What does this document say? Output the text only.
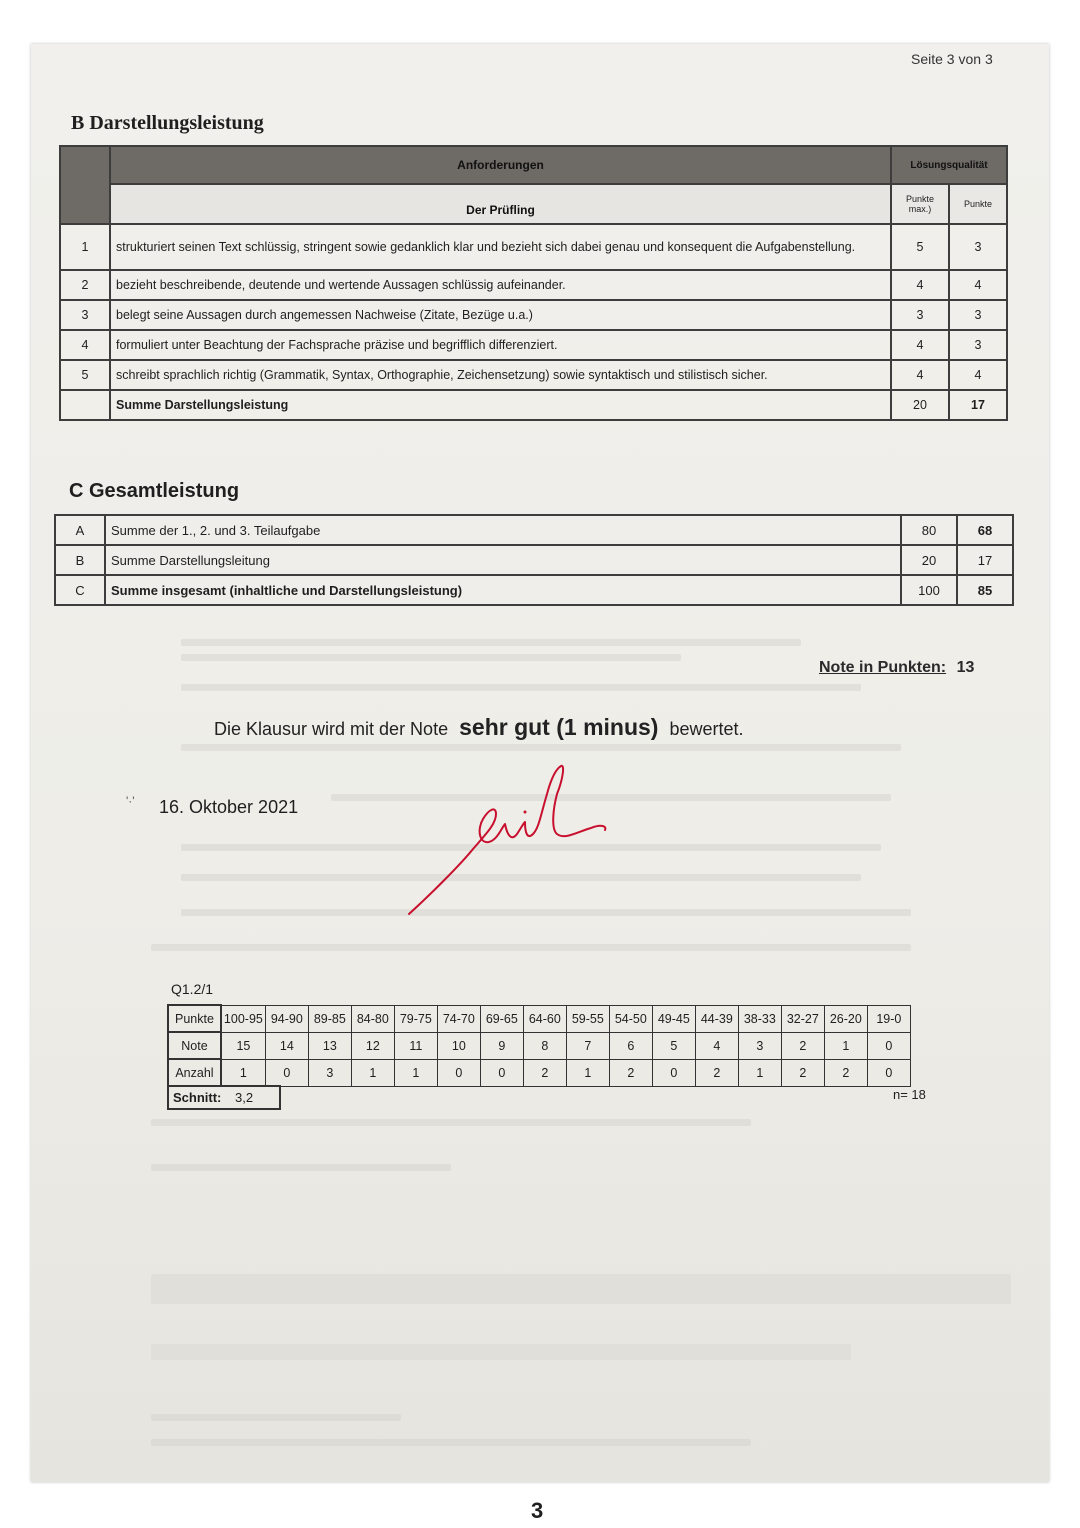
Seite 3 von 3
B Darstellungsleistung
	Anforderungen	Lösungsqualität	
	Der Prüfling	Punkte max.)	Punkte
1	strukturiert seinen Text schlüssig, stringent sowie gedanklich klar und bezieht sich dabei genau und konsequent die Aufgabenstellung.	5	3
2	bezieht beschreibende, deutende und wertende Aussagen schlüssig aufeinander.	4	4
3	belegt seine Aussagen durch angemessen Nachweise (Zitate, Bezüge u.a.)	3	3
4	formuliert unter Beachtung der Fachsprache präzise und begrifflich differenziert.	4	3
5	schreibt sprachlich richtig (Grammatik, Syntax, Orthographie, Zeichensetzung) sowie syntaktisch und stilistisch sicher.	4	4
	Summe Darstellungsleistung	20	17
C Gesamtleistung
A	Summe der 1., 2. und 3. Teilaufgabe	80	68
B	Summe Darstellungsleitung	20	17
C	Summe insgesamt (inhaltliche und Darstellungsleistung)	100	85
Note in Punkten: 13
Die Klausur wird mit der Note sehr gut (1 minus) bewertet.
'·' 16. Oktober 2021
Q1.2/1
Punkte	100-95	94-90	89-85	84-80	79-75	74-70	69-65	64-60	59-55	54-50	49-45	44-39	38-33	32-27	26-20	19-0
Note	15	14	13	12	11	10	9	8	7	6	5	4	3	2	1	0
Anzahl	1	0	3	1	1	0	0	2	1	2	0	2	1	2	2	0
Schnitt: 3,2	n= 18
3
